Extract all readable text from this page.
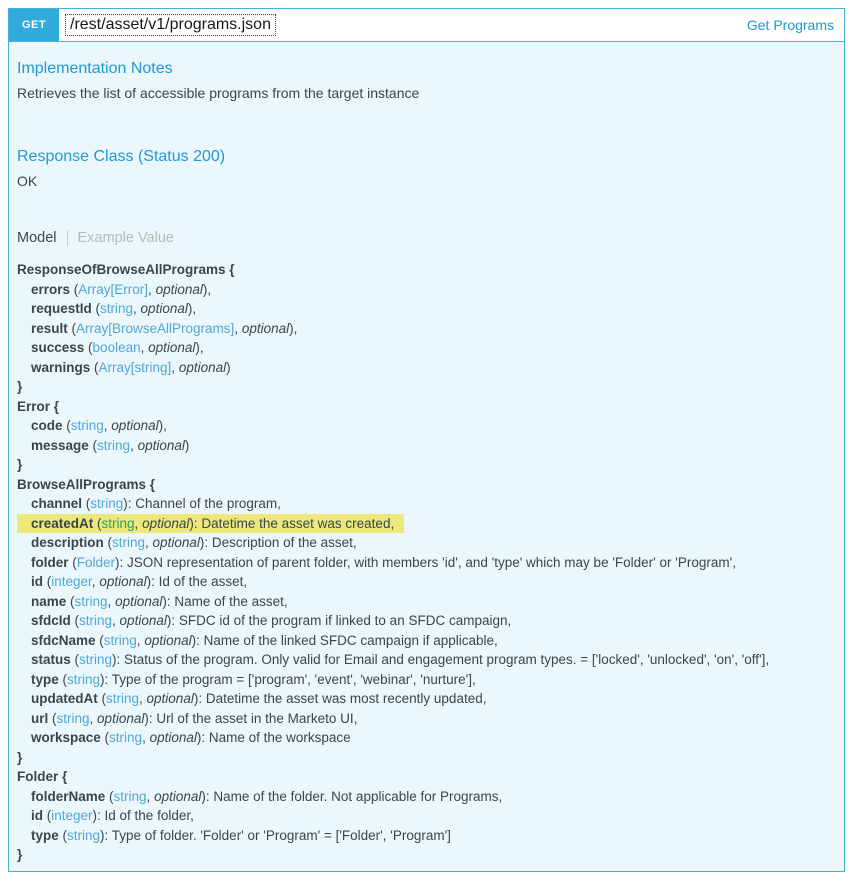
GET	/rest/asset/v1/programs.json	Get Programs
Implementation Notes

Retrieves the list of accessible programs from the target instance

Response Class (Status 200)

OK

Model Example Value
ResponseOfBrowseAllPrograms {
errors (Array[Error], optional),
requestId (string, optional),
result (Array[BrowseAllPrograms], optional),
success (boolean, optional),
warnings (Array[string], optional)
}
Error {
code (string, optional),
message (string, optional)
}
BrowseAllPrograms {
channel (string): Channel of the program,
createdAt (string, optional): Datetime the asset was created,
description (string, optional): Description of the asset,
folder (Folder): JSON representation of parent folder, with members 'id', and 'type' which may be 'Folder' or 'Program',
id (integer, optional): Id of the asset,
name (string, optional): Name of the asset,
sfdcId (string, optional): SFDC id of the program if linked to an SFDC campaign,
sfdcName (string, optional): Name of the linked SFDC campaign if applicable,
status (string): Status of the program. Only valid for Email and engagement program types. = ['locked', 'unlocked', 'on', 'off'],
type (string): Type of the program = ['program', 'event', 'webinar', 'nurture'],
updatedAt (string, optional): Datetime the asset was most recently updated,
url (string, optional): Url of the asset in the Marketo UI,
workspace (string, optional): Name of the workspace
}
Folder {
folderName (string, optional): Name of the folder. Not applicable for Programs,
id (integer): Id of the folder,
type (string): Type of folder. 'Folder' or 'Program' = ['Folder', 'Program']
}
